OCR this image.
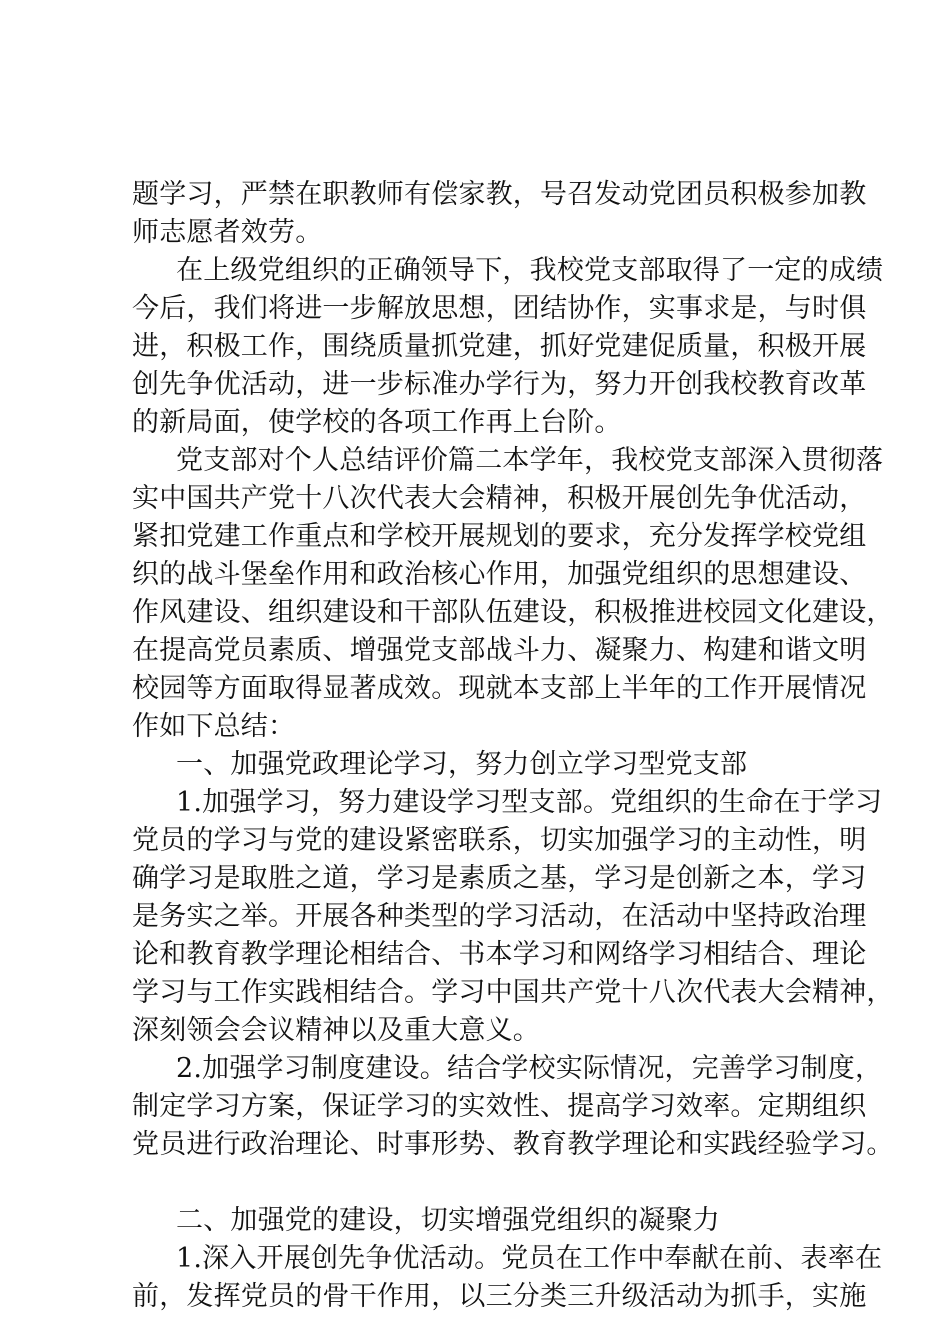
题学习，严禁在职教师有偿家教，号召发动党团员积极参加教
师志愿者效劳。
在上级党组织的正确领导下，我校党支部取得了一定的成绩
今后，我们将进一步解放思想，团结协作，实事求是，与时俱
进，积极工作，围绕质量抓党建，抓好党建促质量，积极开展
创先争优活动，进一步标准办学行为，努力开创我校教育改革
的新局面，使学校的各项工作再上台阶。
党支部对个人总结评价篇二本学年，我校党支部深入贯彻落
实中国共产党十八次代表大会精神，积极开展创先争优活动，
紧扣党建工作重点和学校开展规划的要求，充分发挥学校党组
织的战斗堡垒作用和政治核心作用，加强党组织的思想建设、
作风建设、组织建设和干部队伍建设，积极推进校园文化建设，
在提高党员素质、增强党支部战斗力、凝聚力、构建和谐文明
校园等方面取得显著成效。现就本支部上半年的工作开展情况
作如下总结：
一、加强党政理论学习，努力创立学习型党支部
1.加强学习，努力建设学习型支部。党组织的生命在于学习
党员的学习与党的建设紧密联系，切实加强学习的主动性，明
确学习是取胜之道，学习是素质之基，学习是创新之本，学习
是务实之举。开展各种类型的学习活动，在活动中坚持政治理
论和教育教学理论相结合、书本学习和网络学习相结合、理论
学习与工作实践相结合。学习中国共产党十八次代表大会精神，
深刻领会会议精神以及重大意义。
2.加强学习制度建设。结合学校实际情况，完善学习制度，
制定学习方案，保证学习的实效性、提高学习效率。定期组织
党员进行政治理论、时事形势、教育教学理论和实践经验学习。
二、加强党的建设，切实增强党组织的凝聚力
1.深入开展创先争优活动。党员在工作中奉献在前、表率在
前，发挥党员的骨干作用，以三分类三升级活动为抓手，实施
